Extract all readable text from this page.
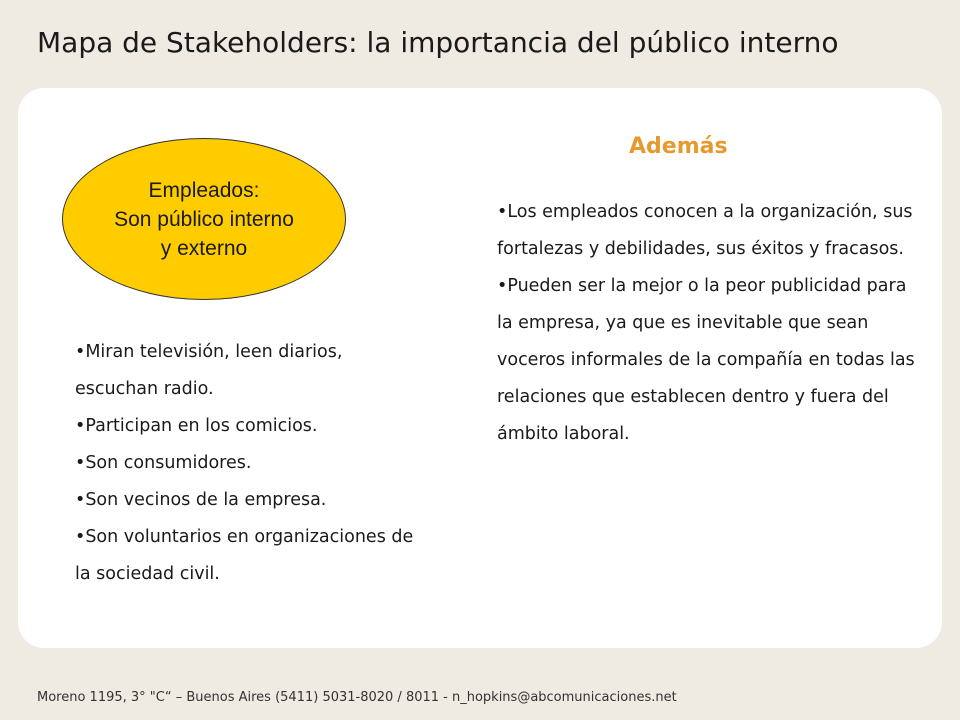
Mapa de Stakeholders: la importancia del público interno
Empleados:
Son público interno
y externo
•Miran televisión, leen diarios, escuchan radio.
•Participan en los comicios.
•Son consumidores.
•Son vecinos de la empresa.
•Son voluntarios en organizaciones de la sociedad civil.
Además
•Los empleados conocen a la organización, sus fortalezas y debilidades, sus éxitos y fracasos.
•Pueden ser la mejor o la peor publicidad para la empresa, ya que es inevitable que sean voceros informales de la compañía en todas las relaciones que establecen dentro y fuera del ámbito laboral.
Moreno 1195, 3° "C“ – Buenos Aires (5411) 5031-8020 / 8011 - n_hopkins@abcomunicaciones.net
